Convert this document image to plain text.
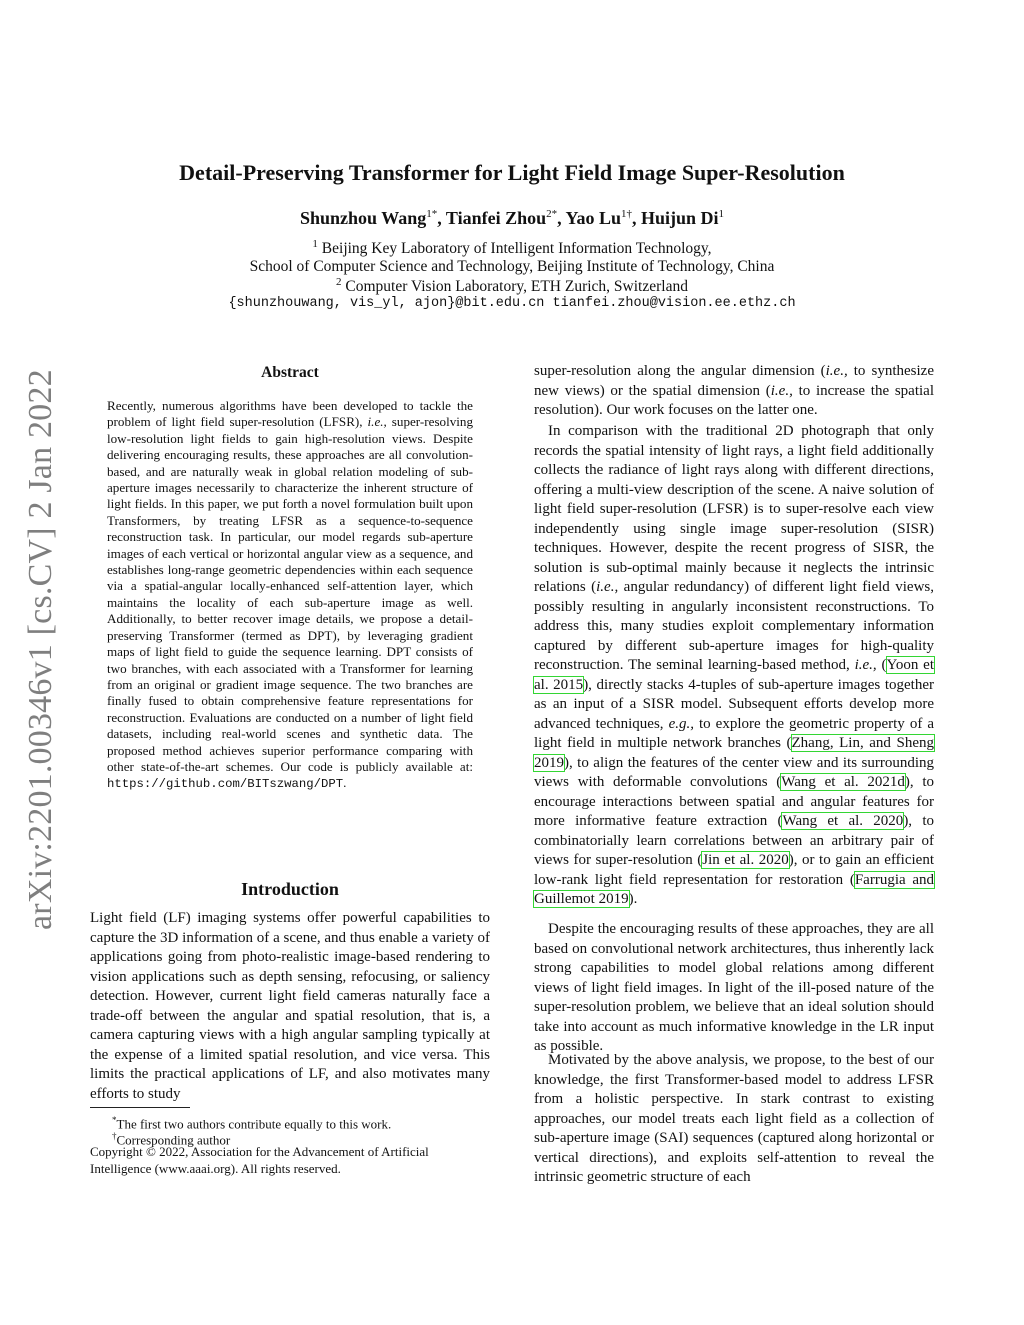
arXiv:2201.00346v1 [cs.CV] 2 Jan 2022
Detail-Preserving Transformer for Light Field Image Super-Resolution
Shunzhou Wang$^{1*}$, Tianfei Zhou$^{2*}$, Yao $Lu^{1\dagger}$, Huijun Di$^1$
$^1$ Beijing Key Laboratory of Intelligent Information Technology,
School of Computer Science and Technology, Beijing Institute of Technology, China
$^2$ Computer Vision Laboratory, ETH Zurich, Switzerland
{shunzhouwang, vis_yl, ajon}@bit.edu.cn tianfei.zhou@vision.ee.ethz.ch
Abstract
Recently, numerous algorithms have been developed to tackle the problem of light field super-resolution (LFSR), i.e., super-resolving low-resolution light fields to gain high-resolution views. Despite delivering encouraging results, these approaches are all convolution-based, and are naturally weak in global relation modeling of sub-aperture images necessarily to characterize the inherent structure of light fields. In this paper, we put forth a novel formulation built upon Transformers, by treating LFSR as a sequence-to-sequence reconstruction task. In particular, our model regards sub-aperture images of each vertical or horizontal angular view as a sequence, and establishes long-range geometric dependencies within each sequence via a spatial-angular locally-enhanced self-attention layer, which maintains the locality of each sub-aperture image as well. Additionally, to better recover image details, we propose a detail-preserving Transformer (termed as DPT), by leveraging gradient maps of light field to guide the sequence learning. DPT consists of two branches, with each associated with a Transformer for learning from an original or gradient image sequence. The two branches are finally fused to obtain comprehensive feature representations for reconstruction. Evaluations are conducted on a number of light field datasets, including real-world scenes and synthetic data. The proposed method achieves superior performance comparing with other state-of-the-art schemes. Our code is publicly available at: https://github.com/BITszwang/DPT.
Introduction
Light field (LF) imaging systems offer powerful capabilities to capture the 3D information of a scene, and thus enable a variety of applications going from photo-realistic image-based rendering to vision applications such as depth sensing, refocusing, or saliency detection. However, current light field cameras naturally face a trade-off between the angular and spatial resolution, that is, a camera capturing views with a high angular sampling typically at the expense of a limited spatial resolution, and vice versa. This limits the practical applications of LF, and also motivates many efforts to study
*The first two authors contribute equally to this work.
†Corresponding author
Copyright © 2022, Association for the Advancement of Artificial Intelligence (www.aaai.org). All rights reserved.

super-resolution along the angular dimension (i.e., to synthesize new views) or the spatial dimension (i.e., to increase the spatial resolution). Our work focuses on the latter one.

In comparison with the traditional 2D photograph that only records the spatial intensity of light rays, a light field additionally collects the radiance of light rays along with different directions, offering a multi-view description of the scene. A naive solution of light field super-resolution (LFSR) is to super-resolve each view independently using single image super-resolution (SISR) techniques. However, despite the recent progress of SISR, the solution is sub-optimal mainly because it neglects the intrinsic relations (i.e., angular redundancy) of different light field views, possibly resulting in angularly inconsistent reconstructions. To address this, many studies exploit complementary information captured by different sub-aperture images for high-quality reconstruction. The seminal learning-based method, i.e., (Yoon et al. 2015), directly stacks 4-tuples of sub-aperture images together as an input of a SISR model. Subsequent efforts develop more advanced techniques, e.g., to explore the geometric property of a light field in multiple network branches (Zhang, Lin, and Sheng 2019), to align the features of the center view and its surrounding views with deformable convolutions (Wang et al. 2021d), to encourage interactions between spatial and angular features for more informative feature extraction (Wang et al. 2020), to combinatorially learn correlations between an arbitrary pair of views for super-resolution (Jin et al. 2020), or to gain an efficient low-rank light field representation for restoration (Farrugia and Guillemot 2019).

Despite the encouraging results of these approaches, they are all based on convolutional network architectures, thus inherently lack strong capabilities to model global relations among different views of light field images. In light of the ill-posed nature of the super-resolution problem, we believe that an ideal solution should take into account as much informative knowledge in the LR input as possible.
Motivated by the above analysis, we propose, to the best of our knowledge, the first Transformer-based model to address LFSR from a holistic perspective. In stark contrast to existing approaches, our model treats each light field as a collection of sub-aperture image (SAI) sequences (captured along horizontal or vertical directions), and exploits self-attention to reveal the intrinsic geometric structure of each
